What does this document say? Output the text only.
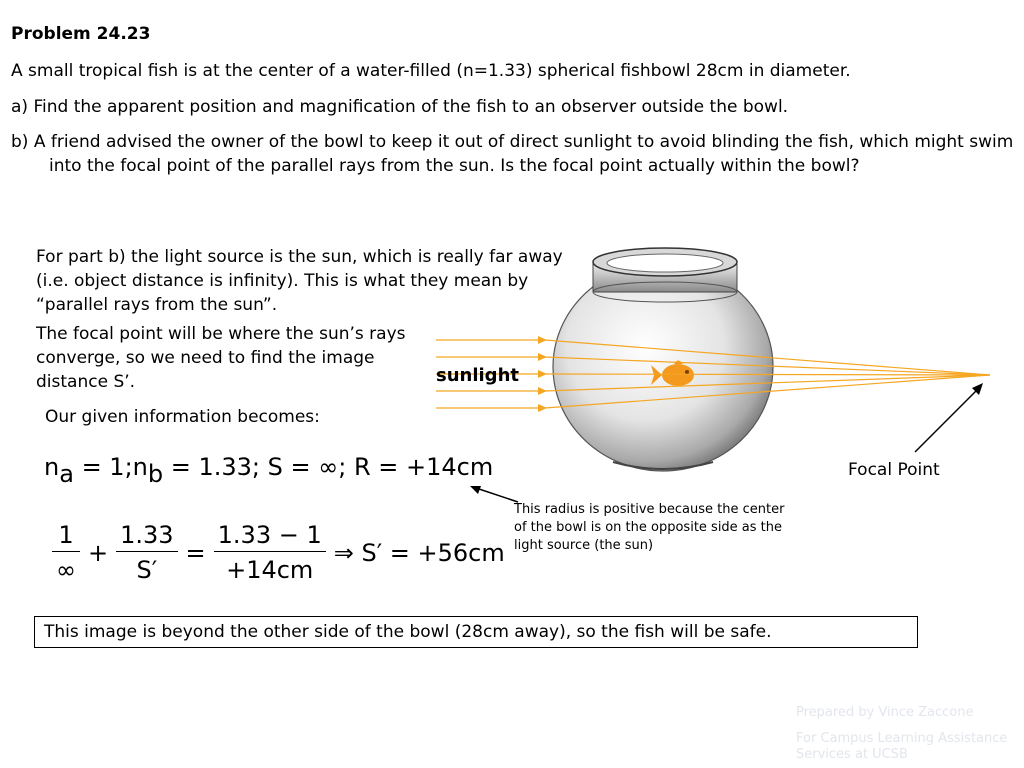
Problem 24.23
A small tropical fish is at the center of a water-filled (n=1.33) spherical fishbowl 28cm in diameter.
a) Find the apparent position and magnification of the fish to an observer outside the bowl.
b) A friend advised the owner of the bowl to keep it out of direct sunlight to avoid blinding the fish, which might swim into the focal point of the parallel rays from the sun. Is the focal point actually within the bowl?
For part b) the light source is the sun, which is really far away (i.e. object distance is infinity). This is what they mean by “parallel rays from the sun”.
The focal point will be where the sun’s rays converge, so we need to find the image distance S’.
Our given information becomes:
sunlight
Focal Point
na = 1;nb = 1.33; S = ∞; R = +14cm
This radius is positive because the center of the bowl is on the opposite side as the light source (the sun)
$\frac{1}{\infty} + \frac{1.33}{S'} = \frac{1.33 - 1}{+14cm}$ ⇒ S′ = +56cm
This image is beyond the other side of the bowl (28cm away), so the fish will be safe.
Prepared by Vince Zaccone
For Campus Learning Assistance Services at UCSB
